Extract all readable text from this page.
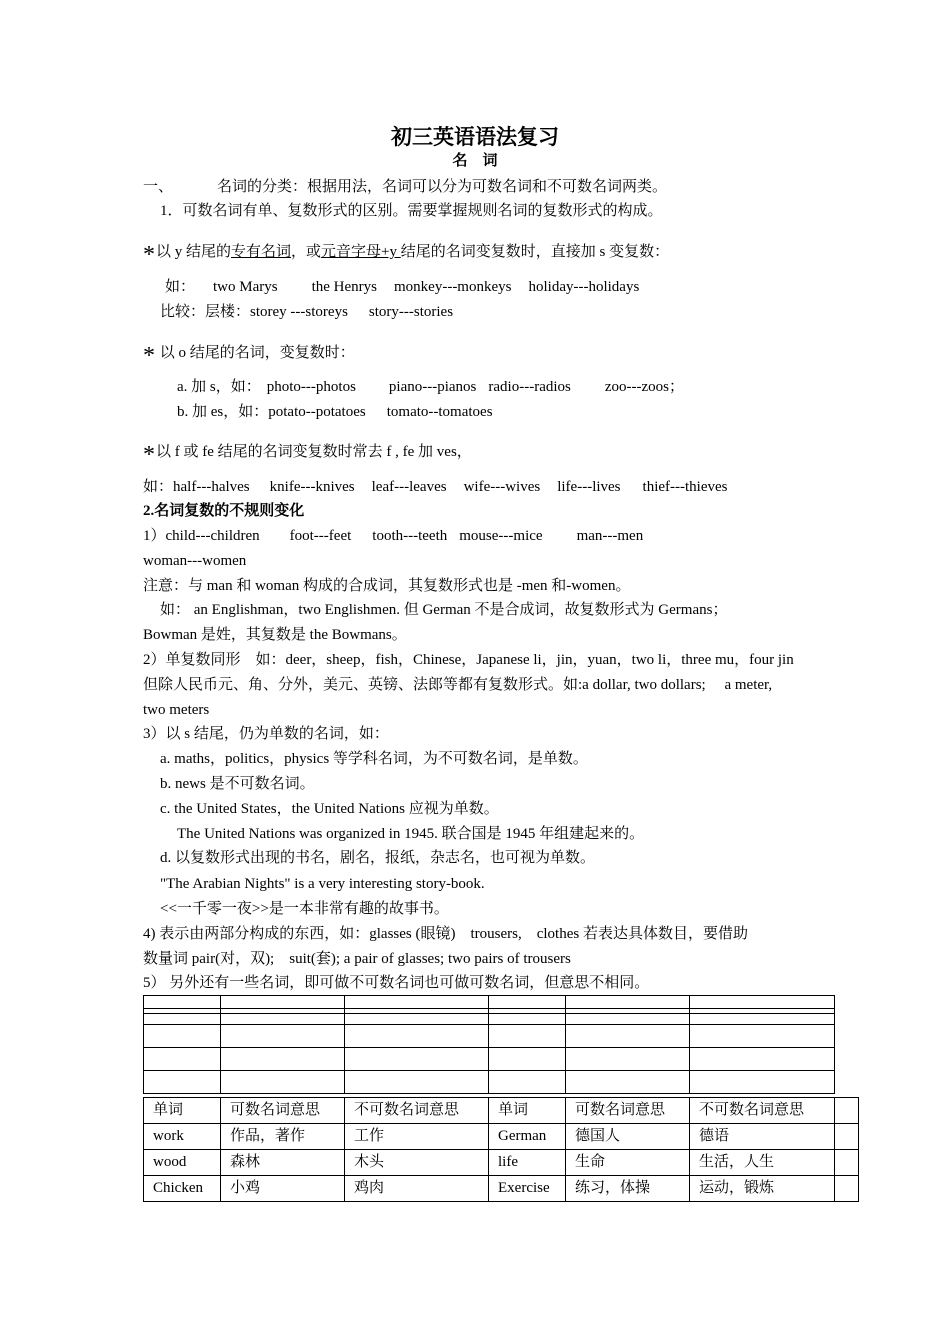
初三英语语法复习
名　词
一、	名词的分类：根据用法，名词可以分为可数名词和不可数名词两类。
1．可数名词有单、复数形式的区别。需要掌握规则名词的复数形式的构成。
*以 y 结尾的专有名词，或元音字母+y 结尾的名词变复数时，直接加 s 变复数：
如： two Marys the Henrys monkey---monkeys holiday---holidays
比较：层楼：storey ---storeys story---stories
* 以 o 结尾的名词，变复数时：
a. 加 s，如： photo---photos piano---pianos radio---radios zoo---zoos；
b. 加 es，如：potato--potatoes tomato--tomatoes
*以 f 或 fe 结尾的名词变复数时常去 f , fe 加 ves，
如：half---halves knife---knives leaf---leaves wife---wives life---lives thief---thieves
2.名词复数的不规则变化
1）child---children foot---feet tooth---teeth mouse---mice man---men
woman---women
注意：与 man 和 woman 构成的合成词，其复数形式也是 -men 和-women。
如： an Englishman，two Englishmen. 但 German 不是合成词，故复数形式为 Germans；
Bowman 是姓，其复数是 the Bowmans。
2）单复数同形　如：deer，sheep，fish，Chinese，Japanese li，jin，yuan，two li，three mu，four jin
但除人民币元、角、分外，美元、英镑、法郎等都有复数形式。如:a dollar, two dollars;　 a meter,
two meters
3）以 s 结尾，仍为单数的名词，如：
a. maths，politics，physics 等学科名词，为不可数名词，是单数。
b. news 是不可数名词。
c. the United States，the United Nations 应视为单数。
The United Nations was organized in 1945. 联合国是 1945 年组建起来的。
d. 以复数形式出现的书名，剧名，报纸，杂志名，也可视为单数。
"The Arabian Nights" is a very interesting story-book.
<<一千零一夜>>是一本非常有趣的故事书。
4) 表示由两部分构成的东西，如：glasses (眼镜)　trousers,　clothes 若表达具体数目，要借助
数量词 pair(对，双);　suit(套); a pair of glasses; two pairs of trousers
5） 另外还有一些名词，即可做不可数名词也可做可数名词，但意思不相同。

单词	可数名词意思	不可数名词意思	单词	可数名词意思	不可数名词意思	
work	作品，著作	工作	German	德国人	德语	
wood	森林	木头	life	生命	生活，人生	
Chicken	小鸡	鸡肉	Exercise	练习，体操	运动，锻炼	
